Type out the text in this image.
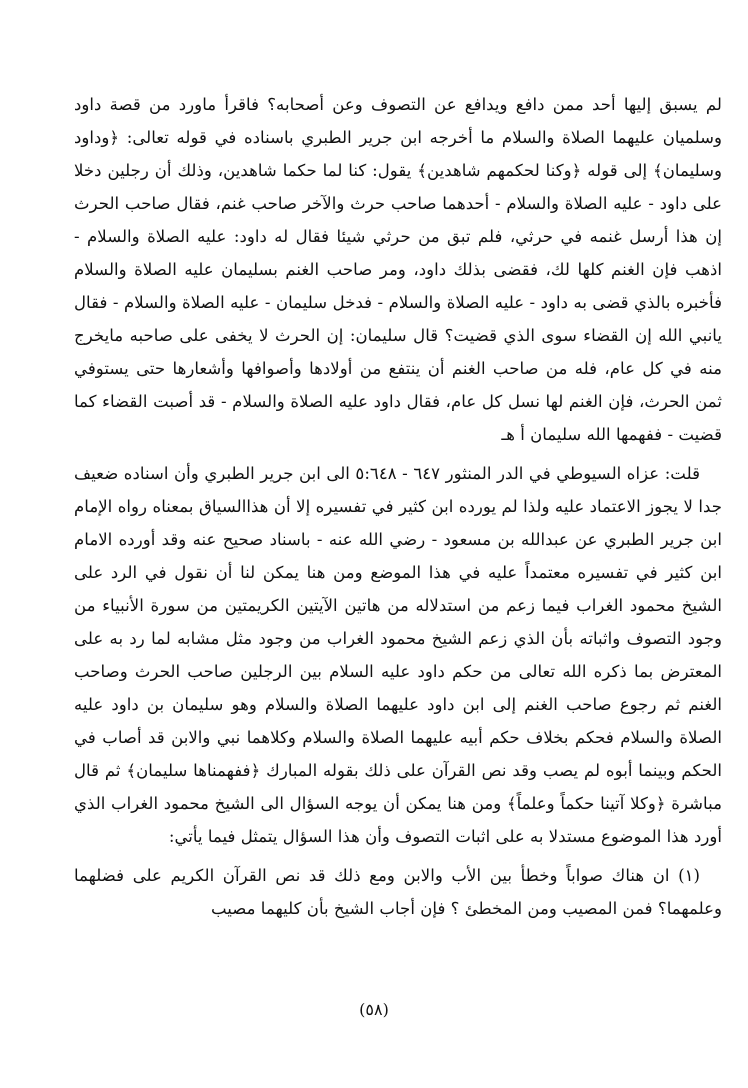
لم يسبق إليها أحد ممن دافع ويدافع عن التصوف وعن أصحابه؟ فاقرأ ماورد من قصة داود وسلميان عليهما الصلاة والسلام ما أخرجه ابن جرير الطبري باسناده في قوله تعالى: ﴿وداود وسليمان﴾ إلى قوله ﴿وكنا لحكمهم شاهدين﴾ يقول: كنا لما حكما شاهدين، وذلك أن رجلين دخلا على داود - عليه الصلاة والسلام - أحدهما صاحب حرث والآخر صاحب غنم، فقال صاحب الحرث إن هذا أرسل غنمه في حرثي، فلم تبق من حرثي شيئا فقال له داود: عليه الصلاة والسلام - اذهب فإن الغنم كلها لك، فقضى بذلك داود، ومر صاحب الغنم بسليمان عليه الصلاة والسلام فأخبره بالذي قضى به داود - عليه الصلاة والسلام - فدخل سليمان - عليه الصلاة والسلام - فقال يانبي الله إن القضاء سوى الذي قضيت؟ قال سليمان: إن الحرث لا يخفى على صاحبه مايخرج منه في كل عام، فله من صاحب الغنم أن ينتفع من أولادها وأصوافها وأشعارها حتى يستوفي ثمن الحرث، فإن الغنم لها نسل كل عام، فقال داود عليه الصلاة والسلام - قد أصبت القضاء كما قضيت - ففهمها الله سليمان أ هـ

قلت: عزاه السيوطي في الدر المنثور ٦٤٧ - ٥:٦٤٨ الى ابن جرير الطبري وأن اسناده ضعيف جدا لا يجوز الاعتماد عليه ولذا لم يورده ابن كثير في تفسيره إلا أن هذاالسياق بمعناه رواه الإمام ابن جرير الطبري عن عبدالله بن مسعود - رضي الله عنه - باسناد صحيح عنه وقد أورده الامام ابن كثير في تفسيره معتمداً عليه في هذا الموضع ومن هنا يمكن لنا أن نقول في الرد على الشيخ محمود الغراب فيما زعم من استدلاله من هاتين الآيتين الكريمتين من سورة الأنبياء من وجود التصوف واثباته بأن الذي زعم الشيخ محمود الغراب من وجود مثل مشابه لما رد به على المعترض بما ذكره الله تعالى من حكم داود عليه السلام بين الرجلين صاحب الحرث وصاحب الغنم ثم رجوع صاحب الغنم إلى ابن داود عليهما الصلاة والسلام وهو سليمان بن داود عليه الصلاة والسلام فحكم بخلاف حكم أبيه عليهما الصلاة والسلام وكلاهما نبي والابن قد أصاب في الحكم وبينما أبوه لم يصب وقد نص القرآن على ذلك بقوله المبارك ﴿ففهمناها سليمان﴾ ثم قال مباشرة ﴿وكلا آتينا حكماً وعلماً﴾ ومن هنا يمكن أن يوجه السؤال الى الشيخ محمود الغراب الذي أورد هذا الموضوع مستدلا به على اثبات التصوف وأن هذا السؤال يتمثل فيما يأتي:

(١) ان هناك صواباً وخطأ بين الأب والابن ومع ذلك قد نص القرآن الكريم على فضلهما وعلمهما؟ فمن المصيب ومن المخطئ ؟ فإن أجاب الشيخ بأن كليهما مصيب

(٥٨)
